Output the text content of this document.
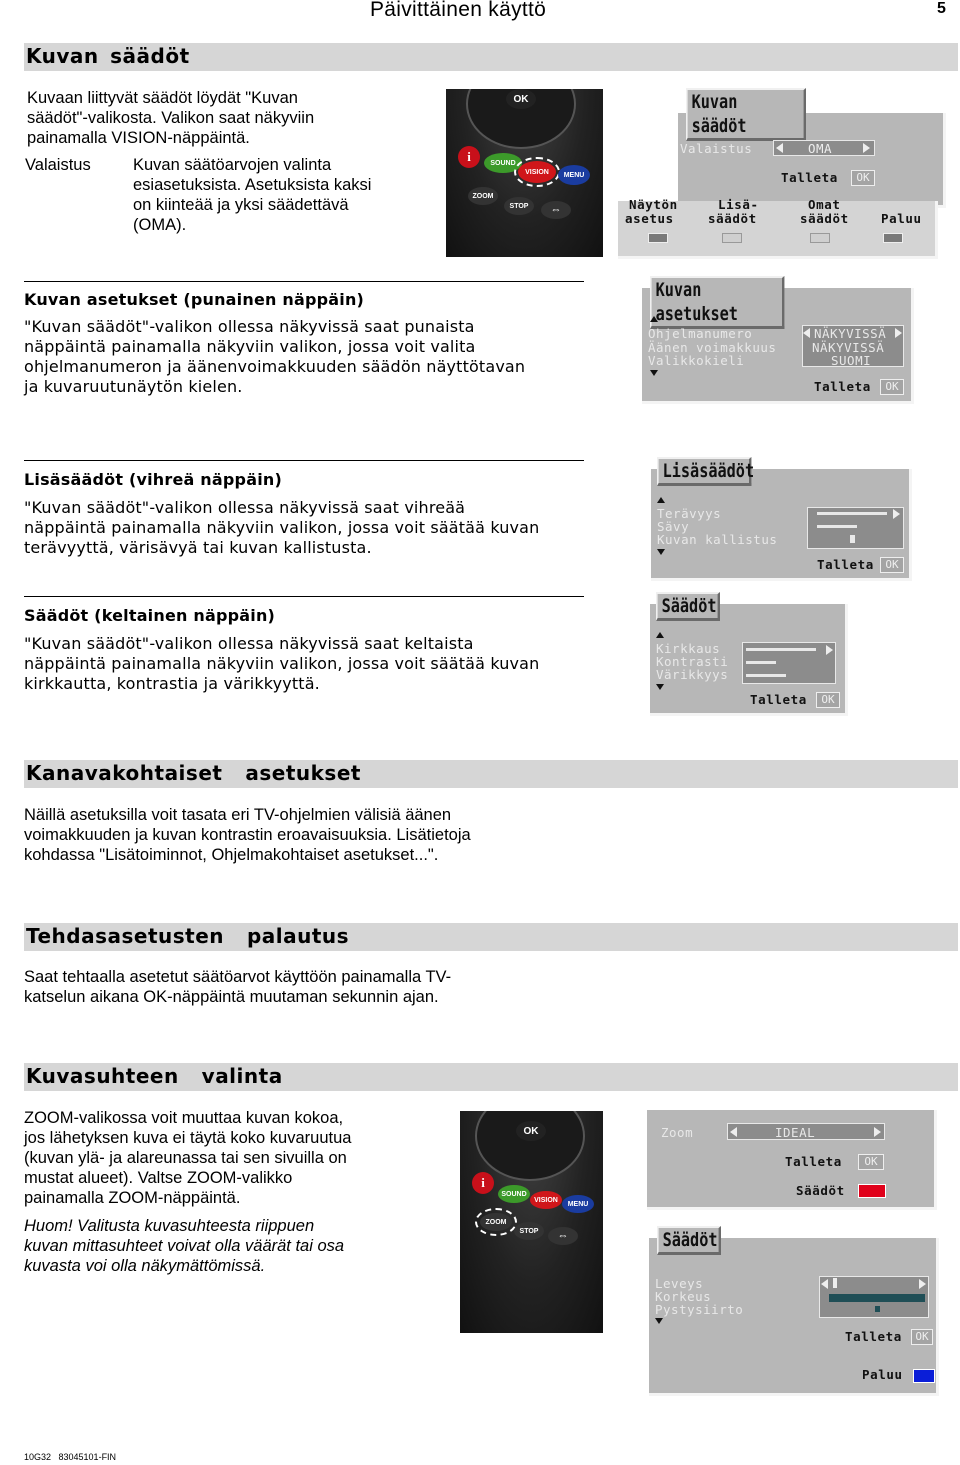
Päivittäinen käyttö	5
Kuvan säädöt
Kuvaan liittyvät säädöt löydät "Kuvan
säädöt"-valikosta. Valikon saat näkyviin
painamalla VISION-näppäintä.
Valaistus	Kuvan säätöarvojen valinta
esiasetuksista. Asetuksista kaksi
on kiinteää ja yksi säädettävä
(OMA).
OK
i	SOUND
VISION	MENU
ZOOM
STOP	⇔
Kuvan säädöt
Valaistus	OMA
Talleta	OK
Näytön
asetus
Lisä-
säädöt
Omat
säädöt	Paluu
Kuvan asetukset (punainen näppäin)
"Kuvan säädöt"-valikon ollessa näkyvissä saat punaista
näppäintä painamalla näkyviin valikon, jossa voit valita
ohjelmanumeron ja äänenvoimakkuuden säädön näyttötavan
ja kuvaruutunäytön kielen.
Kuvan asetukset
Ohjelmanumero
Äänen voimakkuus
Valikkokieli
NÄKYVISSÄ
NÄKYVISSÄ
SUOMI
Talleta	OK
Lisäsäädöt (vihreä näppäin)
"Kuvan säädöt"-valikon ollessa näkyvissä saat vihreää
näppäintä painamalla näkyviin valikon, jossa voit säätää kuvan
terävyyttä, värisävyä tai kuvan kallistusta.
Lisäsäädöt
Terävyys
Sävy
Kuvan kallistus
Talleta	OK
Säädöt (keltainen näppäin)
"Kuvan säädöt"-valikon ollessa näkyvissä saat keltaista
näppäintä painamalla näkyviin valikon, jossa voit säätää kuvan
kirkkautta, kontrastia ja värikkyyttä.
Säädöt
Kirkkaus
Kontrasti
Värikkyys
Talleta	OK
Kanavakohtaiset  asetukset
Näillä asetuksilla voit tasata eri TV-ohjelmien välisiä äänen
voimakkuuden ja kuvan kontrastin eroavaisuuksia. Lisätietoja
kohdassa "Lisätoiminnot, Ohjelmakohtaiset asetukset...".
Tehdasasetusten  palautus
Saat tehtaalla asetetut säätöarvot käyttöön painamalla TV-
katselun aikana OK-näppäintä muutaman sekunnin ajan.
Kuvasuhteen  valinta
ZOOM-valikossa voit muuttaa kuvan kokoa,
jos lähetyksen kuva ei täytä koko kuvaruutua
(kuvan ylä- ja alareunassa tai sen sivuilla on
mustat alueet). Valtse ZOOM-valikko
painamalla ZOOM-näppäintä.
Huom! Valitusta kuvasuhteesta riippuen
kuvan mittasuhteet voivat olla väärät tai osa
kuvasta voi olla näkymättömissä.
OK
i
SOUND
VISION
MENU
ZOOM
STOP	⇔
Zoom	IDEAL
Talleta	OK
Säädöt
Säädöt
Leveys
Korkeus
Pystysiirto
Talleta	OK
Paluu
10G32   83045101-FIN
